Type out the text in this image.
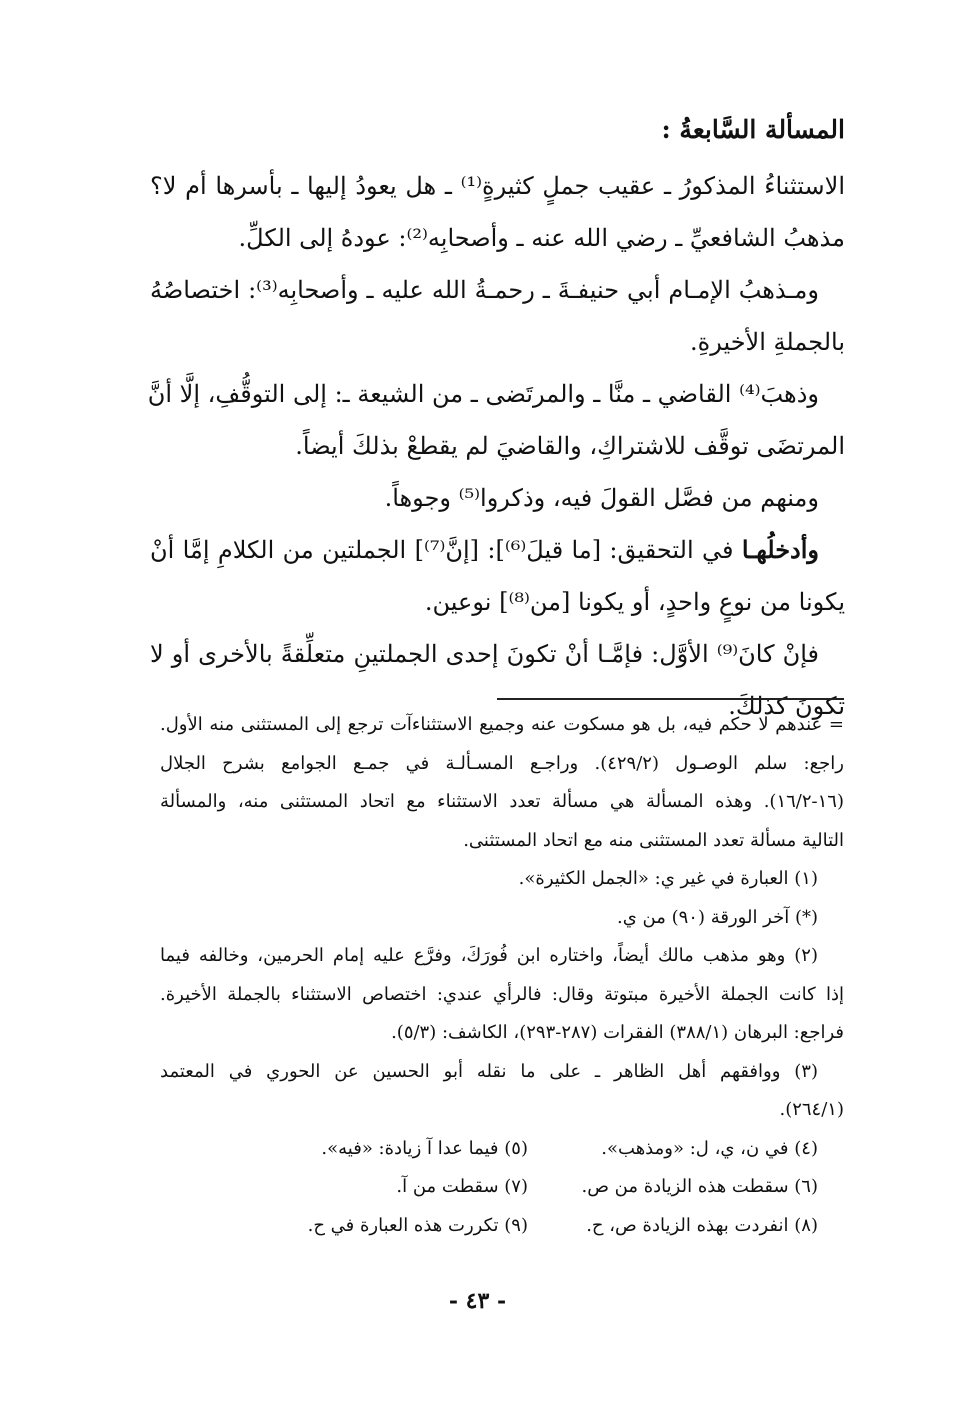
المسألة السَّابعةُ :

الاستثناءُ المذكورُ ـ عقيب جملٍ كثيرةٍ⁽¹⁾ ـ هل يعودُ إليها ـ بأسرها أم لا؟

مذهبُ الشافعيِّ ـ رضي الله عنه ـ وأصحابِه⁽²⁾: عودهُ إلى الكلِّ.

ومـذهبُ الإمـام أبي حنيفـةَ ـ رحمـةُ الله عليه ـ وأصحابِه⁽³⁾: اختصاصُهُ

بالجملةِ الأخيرةِ.

وذهبَ⁽⁴⁾ القاضي ـ منَّا ـ والمرتَضى ـ من الشيعة ـ: إلى التوقُّفِ، إلَّا أنَّ

المرتضَى توقَّف للاشتراكِ، والقاضيَ لم يقطعْ بذلكَ أيضاً.

ومنهم من فصَّل القولَ فيه، وذكروا⁽⁵⁾ وجوهاً.

وأدخلُهـا في التحقيق: [ما قيلَ⁽⁶⁾]: [إنَّ⁽⁷⁾] الجملتين من الكلامِ إمَّا أنْ

يكونا من نوعٍ واحدٍ، أو يكونا [من⁽⁸⁾] نوعين.

فإنْ كانَ⁽⁹⁾ الأوَّل: فإمَّـا أنْ تكونَ إحدى الجملتينِ متعلِّقةً بالأخرى أو لا

تكونَ كذلكَ.

= عندهم لا حكم فيه، بل هو مسكوت عنه وجميع الاستثناءآت ترجع إلى المستثنى منه الأول.

راجع: سلم الوصـول (٤٢٩/٢). وراجـع المسـألـة في جمـع الجوامع بشرح الجلال

(١٦-١٦/٢). وهذه المسألة هي مسألة تعدد الاستثناء مع اتحاد المستثنى منه، والمسألة

التالية مسألة تعدد المستثنى منه مع اتحاد المستثنى.

(١) العبارة في غير ي: «الجمل الكثيرة».

(*) آخر الورقة (٩٠) من ي.

(٢) وهو مذهب مالك أيضاً، واختاره ابن فُورَكَ، وفرَّع عليه إمام الحرمين، وخالفه فيما

إذا كانت الجملة الأخيرة مبتوتة وقال: فالرأي عندي: اختصاص الاستثناء بالجملة الأخيرة.

فراجع: البرهان (٣٨٨/١) الفقرات (٢٨٧-٢٩٣)، الكاشف: (٥/٣).

(٣) ووافقهم أهل الظاهر ـ على ما نقله أبو الحسين عن الحوري في المعتمد

(٢٦٤/١).

(٤) في ن، ي، ل: «ومذهب».
(٥) فيما عدا آ زيادة: «فيه».
(٦) سقطت هذه الزيادة من ص.
(٧) سقطت من آ.
(٨) انفردت بهذه الزيادة ص، ح.
(٩) تكررت هذه العبارة في ح.
- ٤٣ -
